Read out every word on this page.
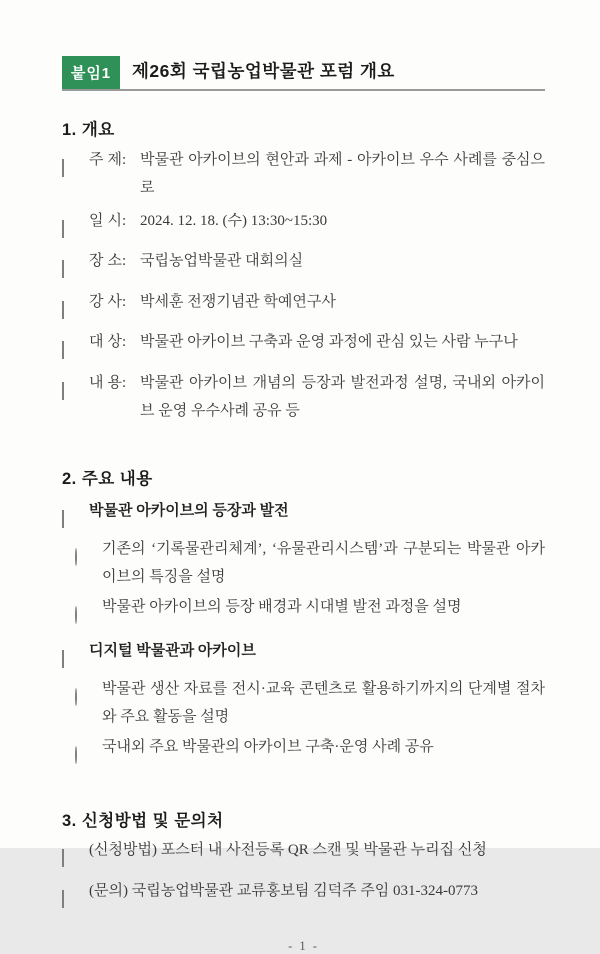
붙임1	제26회 국립농업박물관 포럼 개요
1. 개요
주 제: 박물관 아카이브의 현안과 과제 - 아카이브 우수 사례를 중심으로
일 시: 2024. 12. 18. (수) 13:30~15:30
장 소: 국립농업박물관 대회의실
강 사: 박세훈 전쟁기념관 학예연구사
대 상: 박물관 아카이브 구축과 운영 과정에 관심 있는 사람 누구나
내 용: 박물관 아카이브 개념의 등장과 발전과정 설명, 국내외 아카이브 운영 우수사례 공유 등
2. 주요 내용
박물관 아카이브의 등장과 발전
기존의 ‘기록물관리체계’, ‘유물관리시스템’과 구분되는 박물관 아카이브의 특징을 설명
박물관 아카이브의 등장 배경과 시대별 발전 과정을 설명
디지털 박물관과 아카이브
박물관 생산 자료를 전시·교육 콘텐츠로 활용하기까지의 단계별 절차와 주요 활동을 설명
국내외 주요 박물관의 아카이브 구축·운영 사례 공유
3. 신청방법 및 문의처
(신청방법) 포스터 내 사전등록 QR 스캔 및 박물관 누리집 신청
(문의) 국립농업박물관 교류홍보팀 김덕주 주임 031-324-0773
- 1 -
